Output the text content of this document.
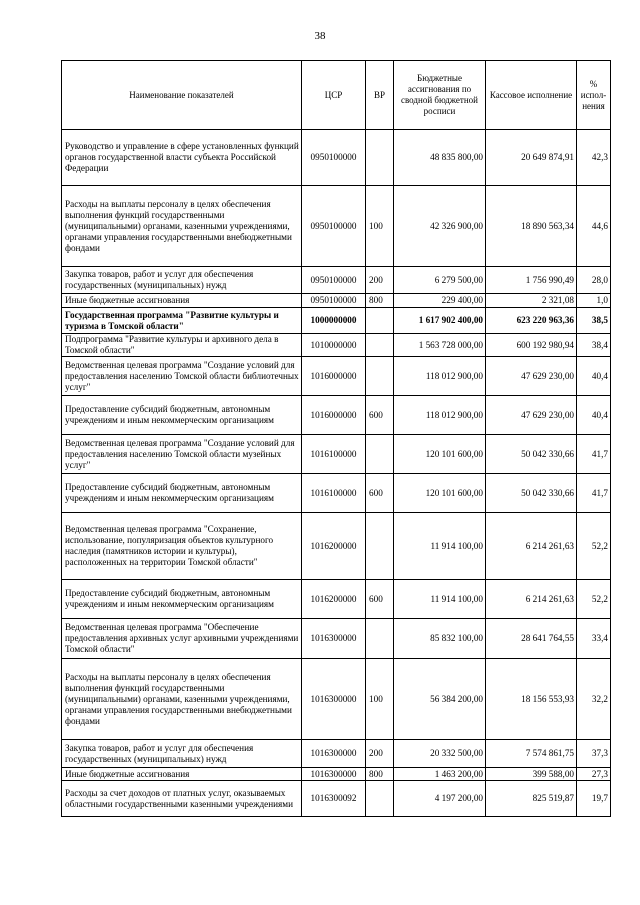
38
Наименование показателей	ЦСР	ВР	Бюджетные ассигнования по сводной бюджетной росписи	Кассовое исполнение	% испол-нения
Руководство и управление в сфере установленных функций органов государственной власти субъекта Российской Федерации	0950100000		48 835 800,00	20 649 874,91	42,3
Расходы на выплаты персоналу в целях обеспечения выполнения функций государственными (муниципальными) органами, казенными учреждениями, органами управления государственными внебюджетными фондами	0950100000	100	42 326 900,00	18 890 563,34	44,6
Закупка товаров, работ и услуг для обеспечения государственных (муниципальных) нужд	0950100000	200	6 279 500,00	1 756 990,49	28,0
Иные бюджетные ассигнования	0950100000	800	229 400,00	2 321,08	1,0
Государственная программа "Развитие культуры и туризма в Томской области"	1000000000		1 617 902 400,00	623 220 963,36	38,5
Подпрограмма "Развитие культуры и архивного дела в Томской области"	1010000000		1 563 728 000,00	600 192 980,94	38,4
Ведомственная целевая программа "Создание условий для предоставления населению Томской области библиотечных услуг"	1016000000		118 012 900,00	47 629 230,00	40,4
Предоставление субсидий бюджетным, автономным учреждениям и иным некоммерческим организациям	1016000000	600	118 012 900,00	47 629 230,00	40,4
Ведомственная целевая программа "Создание условий для предоставления населению Томской области музейных услуг"	1016100000		120 101 600,00	50 042 330,66	41,7
Предоставление субсидий бюджетным, автономным учреждениям и иным некоммерческим организациям	1016100000	600	120 101 600,00	50 042 330,66	41,7
Ведомственная целевая программа "Сохранение, использование, популяризация объектов культурного наследия (памятников истории и культуры), расположенных на территории Томской области"	1016200000		11 914 100,00	6 214 261,63	52,2
Предоставление субсидий бюджетным, автономным учреждениям и иным некоммерческим организациям	1016200000	600	11 914 100,00	6 214 261,63	52,2
Ведомственная целевая программа "Обеспечение предоставления архивных услуг архивными учреждениями Томской области"	1016300000		85 832 100,00	28 641 764,55	33,4
Расходы на выплаты персоналу в целях обеспечения выполнения функций государственными (муниципальными) органами, казенными учреждениями, органами управления государственными внебюджетными фондами	1016300000	100	56 384 200,00	18 156 553,93	32,2
Закупка товаров, работ и услуг для обеспечения государственных (муниципальных) нужд	1016300000	200	20 332 500,00	7 574 861,75	37,3
Иные бюджетные ассигнования	1016300000	800	1 463 200,00	399 588,00	27,3
Расходы за счет доходов от платных услуг, оказываемых областными государственными казенными учреждениями	1016300092		4 197 200,00	825 519,87	19,7
